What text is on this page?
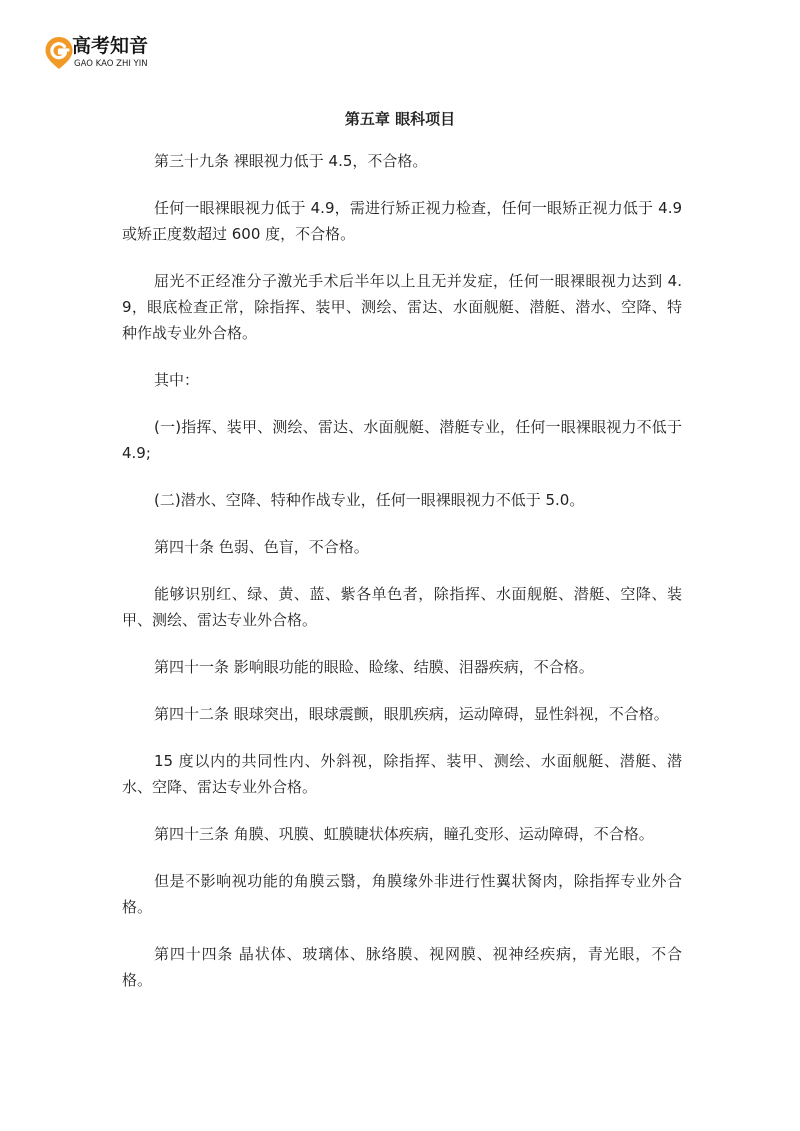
高考知音
GAO KAO ZHI YIN
第五章 眼科项目

第三十九条 裸眼视力低于 4.5，不合格。

任何一眼裸眼视力低于 4.9，需进行矫正视力检查，任何一眼矫正视力低于 4.9 或矫正度数超过 600 度，不合格。

屈光不正经准分子激光手术后半年以上且无并发症，任何一眼裸眼视力达到 4.9，眼底检查正常，除指挥、装甲、测绘、雷达、水面舰艇、潜艇、潜水、空降、特种作战专业外合格。

其中：

(一)指挥、装甲、测绘、雷达、水面舰艇、潜艇专业，任何一眼裸眼视力不低于 4.9;

(二)潜水、空降、特种作战专业，任何一眼裸眼视力不低于 5.0。

第四十条 色弱、色盲，不合格。

能够识别红、绿、黄、蓝、紫各单色者，除指挥、水面舰艇、潜艇、空降、装甲、测绘、雷达专业外合格。

第四十一条 影响眼功能的眼睑、睑缘、结膜、泪器疾病，不合格。

第四十二条 眼球突出，眼球震颤，眼肌疾病，运动障碍，显性斜视，不合格。

15 度以内的共同性内、外斜视，除指挥、装甲、测绘、水面舰艇、潜艇、潜水、空降、雷达专业外合格。

第四十三条 角膜、巩膜、虹膜睫状体疾病，瞳孔变形、运动障碍，不合格。

但是不影响视功能的角膜云翳，角膜缘外非进行性翼状胬肉，除指挥专业外合格。

第四十四条 晶状体、玻璃体、脉络膜、视网膜、视神经疾病，青光眼，不合格。
